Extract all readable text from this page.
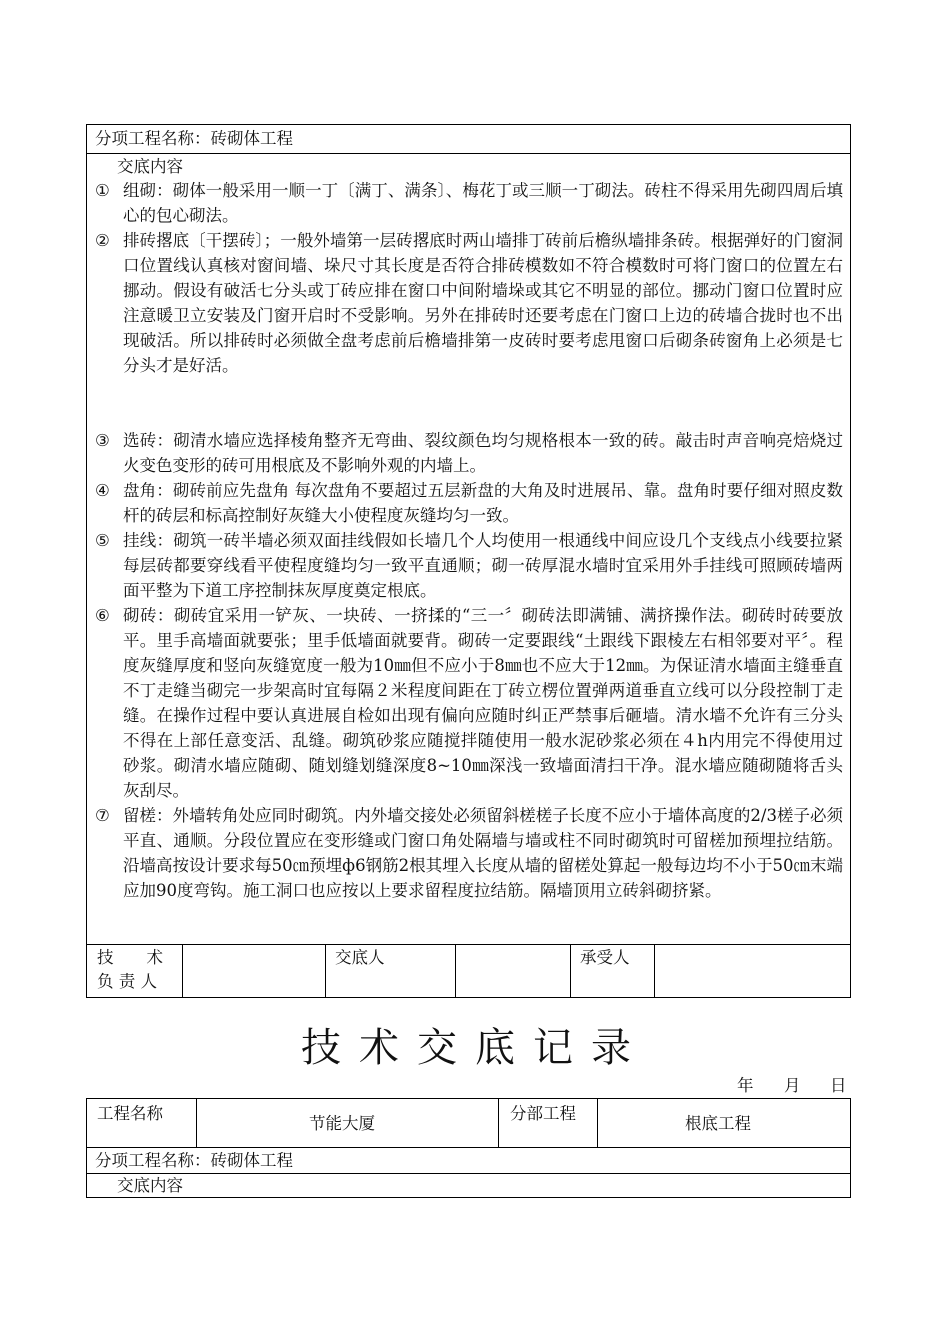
分项工程名称：砖砌体工程
交底内容
① 组砌：砌体一般采用一顺一丁〔满丁、满条〕、梅花丁或三顺一丁砌法。砖柱不得采用先砌四周后填心的包心砌法。
② 排砖撂底〔干摆砖〕；一般外墙第一层砖撂底时两山墙排丁砖前后檐纵墙排条砖。根据弹好的门窗洞口位置线认真核对窗间墙、垛尺寸其长度是否符合排砖模数如不符合模数时可将门窗口的位置左右挪动。假设有破活七分头或丁砖应排在窗口中间附墙垛或其它不明显的部位。挪动门窗口位置时应注意暖卫立安装及门窗开启时不受影响。另外在排砖时还要考虑在门窗口上边的砖墙合拢时也不出现破活。所以排砖时必须做全盘考虑前后檐墙排第一皮砖时要考虑甩窗口后砌条砖窗角上必须是七分头才是好活。
③ 选砖：砌清水墙应选择棱角整齐无弯曲、裂纹颜色均匀规格根本一致的砖。敲击时声音响亮焙烧过火变色变形的砖可用根底及不影响外观的内墙上。
④ 盘角：砌砖前应先盘角 每次盘角不要超过五层新盘的大角及时进展吊、靠。盘角时要仔细对照皮数杆的砖层和标高控制好灰缝大小使程度灰缝均匀一致。
⑤ 挂线：砌筑一砖半墙必须双面挂线假如长墙几个人均使用一根通线中间应设几个支线点小线要拉紧每层砖都要穿线看平使程度缝均匀一致平直通顺；砌一砖厚混水墙时宜采用外手挂线可照顾砖墙两面平整为下道工序控制抹灰厚度奠定根底。
⑥ 砌砖：砌砖宜采用一铲灰、一块砖、一挤揉的“三一〞砌砖法即满铺、满挤操作法。砌砖时砖要放平。里手高墙面就要张；里手低墙面就要背。砌砖一定要跟线“土跟线下跟棱左右相邻要对平〞。程度灰缝厚度和竖向灰缝宽度一般为10㎜但不应小于8㎜也不应大于12㎜。为保证清水墙面主缝垂直不丁走缝当砌完一步架高时宜每隔２米程度间距在丁砖立楞位置弹两道垂直立线可以分段控制丁走缝。在操作过程中要认真进展自检如出现有偏向应随时纠正严禁事后砸墙。清水墙不允许有三分头不得在上部任意变活、乱缝。砌筑砂浆应随搅拌随使用一般水泥砂浆必须在４h内用完不得使用过砂浆。砌清水墙应随砌、随划缝划缝深度8~10㎜深浅一致墙面清扫干净。混水墙应随砌随将舌头灰刮尽。
⑦ 留槎：外墙转角处应同时砌筑。内外墙交接处必须留斜槎槎子长度不应小于墙体高度的2/3槎子必须平直、通顺。分段位置应在变形缝或门窗口角处隔墙与墙或柱不同时砌筑时可留槎加预埋拉结筋。沿墙高按设计要求每50㎝预埋ф6钢筋2根其埋入长度从墙的留槎处算起一般每边均不小于50㎝末端应加90度弯钩。施工洞口也应按以上要求留程度拉结筋。隔墙顶用立砖斜砌挤紧。
技　　术
负 责 人
交底人	承受人
技术交底记录
年 月 日
工程名称
节能大厦
分部工程
根底工程
分项工程名称：砖砌体工程
交底内容
